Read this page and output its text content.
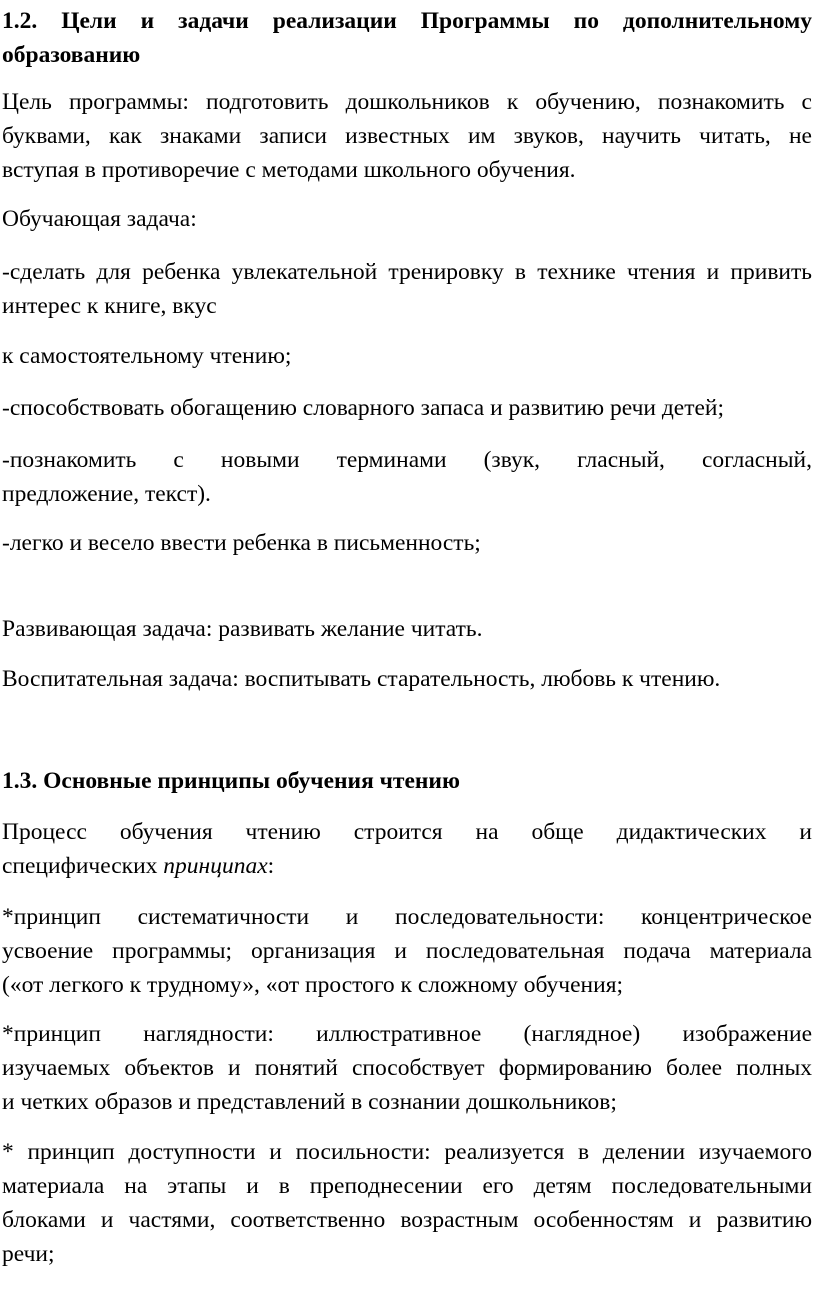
1.2. Цели и задачи реализации Программы по дополнительному
образованию
Цель программы: подготовить дошкольников к обучению, познакомить с
буквами, как знаками записи известных им звуков, научить читать, не
вступая в противоречие с методами школьного обучения.
Обучающая задача:
-сделать для ребенка увлекательной тренировку в технике чтения и привить
интерес к книге, вкус
к самостоятельному чтению;
-способствовать обогащению словарного запаса и развитию речи детей;
-познакомить с новыми терминами (звук, гласный, согласный,
предложение, текст).
-легко и весело ввести ребенка в письменность;
Развивающая задача: развивать желание читать.
Воспитательная задача: воспитывать старательность, любовь к чтению.
1.3. Основные принципы обучения чтению
Процесс обучения чтению строится на обще дидактических и
специфических принципах:
*принцип систематичности и последовательности: концентрическое
усвоение программы; организация и последовательная подача материала
(«от легкого к трудному», «от простого к сложному обучения;
*принцип наглядности: иллюстративное (наглядное) изображение
изучаемых объектов и понятий способствует формированию более полных
и четких образов и представлений в сознании дошкольников;
* принцип доступности и посильности: реализуется в делении изучаемого
материала на этапы и в преподнесении его детям последовательными
блоками и частями, соответственно возрастным особенностям и развитию
речи;
